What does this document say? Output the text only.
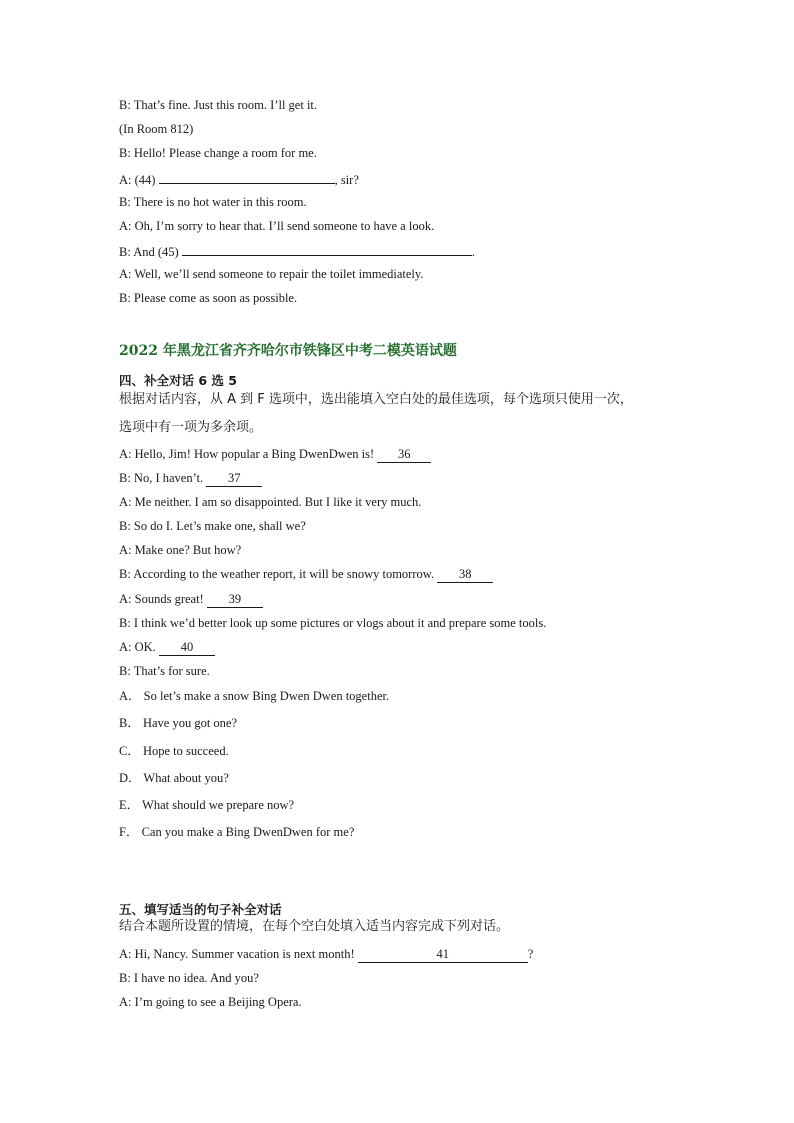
B: That’s fine. Just this room. I’ll get it.
(In Room 812)
B: Hello! Please change a room for me.
A: (44)	, sir?
B: There is no hot water in this room.
A: Oh, I’m sorry to hear that. I’ll send someone to have a look.
B: And (45)	.
A: Well, we’ll send someone to repair the toilet immediately.
B: Please come as soon as possible.
2022 年黑龙江省齐齐哈尔市铁锋区中考二模英语试题
四、补全对话 6 选 5
根据对话内容，从 A 到 F 选项中，选出能填入空白处的最佳选项，每个选项只使用一次，
选项中有一项为多余项。
A: Hello, Jim! How popular a Bing DwenDwen is! 36
B: No, I haven’t. 37
A: Me neither. I am so disappointed. But I like it very much.
B: So do I. Let’s make one, shall we?
A: Make one? But how?
B: According to the weather report, it will be snowy tomorrow. 38
A: Sounds great! 39
B: I think we’d better look up some pictures or vlogs about it and prepare some tools.
A: OK. 40
B: That’s for sure.
A． So let’s make a snow Bing Dwen Dwen together.
B． Have you got one?
C． Hope to succeed.
D． What about you?
E． What should we prepare now?
F． Can you make a Bing DwenDwen for me?
五、填写适当的句子补全对话
结合本题所设置的情境，在每个空白处填入适当内容完成下列对话。
A: Hi, Nancy. Summer vacation is next month!	41	?
B: I have no idea. And you?
A: I’m going to see a Beijing Opera.
